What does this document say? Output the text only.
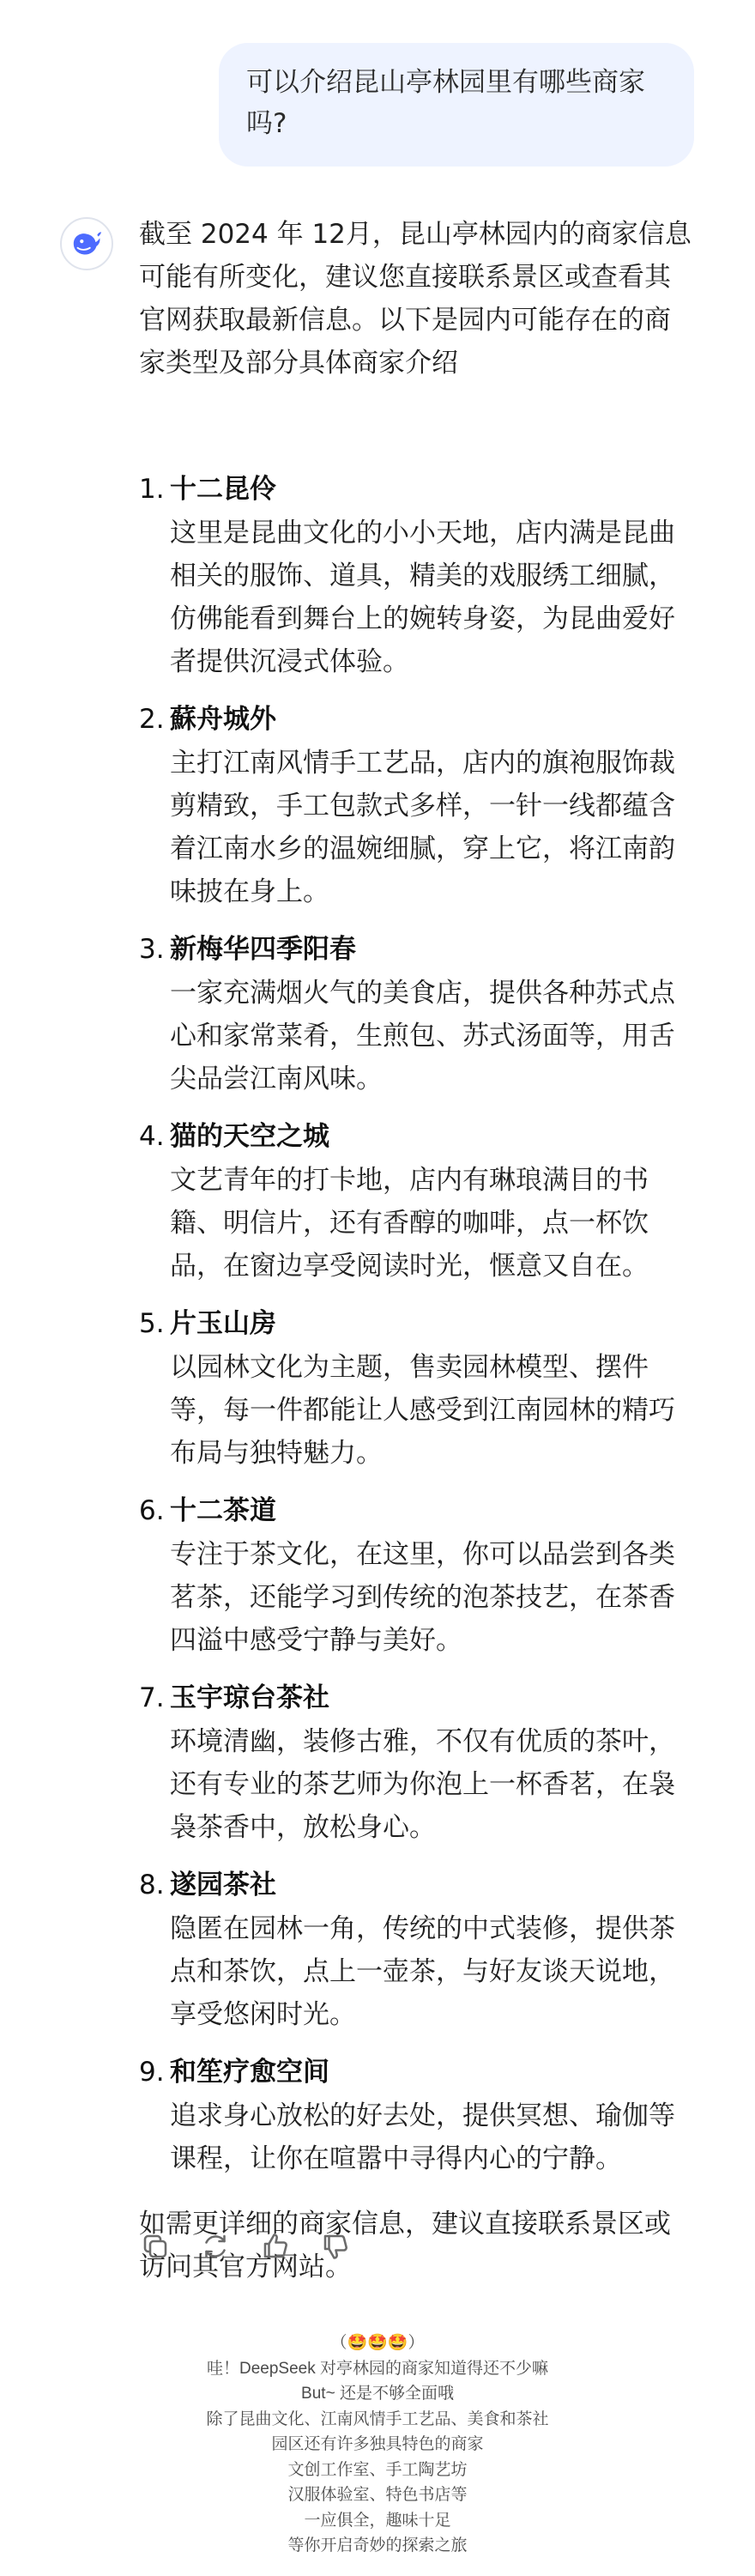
可以介绍昆山亭林园里有哪些商家吗?

截至 2024 年 12月，昆山亭林园内的商家信息可能有所变化，建议您直接联系景区或查看其官网获取最新信息。以下是园内可能存在的商家类型及部分具体商家介绍

1. 十二昆伶

这里是昆曲文化的小小天地，店内满是昆曲相关的服饰、道具，精美的戏服绣工细腻，仿佛能看到舞台上的婉转身姿，为昆曲爱好者提供沉浸式体验。

2. 蘇舟城外

主打江南风情手工艺品，店内的旗袍服饰裁剪精致，手工包款式多样，一针一线都蕴含着江南水乡的温婉细腻，穿上它，将江南韵味披在身上。

3. 新梅华四季阳春

一家充满烟火气的美食店，提供各种苏式点心和家常菜肴，生煎包、苏式汤面等，用舌尖品尝江南风味。

4. 猫的天空之城

文艺青年的打卡地，店内有琳琅满目的书籍、明信片，还有香醇的咖啡，点一杯饮品，在窗边享受阅读时光，惬意又自在。

5. 片玉山房

以园林文化为主题，售卖园林模型、摆件等，每一件都能让人感受到江南园林的精巧布局与独特魅力。

6. 十二茶道

专注于茶文化，在这里，你可以品尝到各类茗茶，还能学习到传统的泡茶技艺，在茶香四溢中感受宁静与美好。

7. 玉宇琼台茶社

环境清幽，装修古雅，不仅有优质的茶叶，还有专业的茶艺师为你泡上一杯香茗，在袅袅茶香中，放松身心。

8. 遂园茶社

隐匿在园林一角，传统的中式装修，提供茶点和茶饮，点上一壶茶，与好友谈天说地，享受悠闲时光。

9. 和笙疗愈空间

追求身心放松的好去处，提供冥想、瑜伽等课程，让你在喧嚣中寻得内心的宁静。

如需更详细的商家信息，建议直接联系景区或访问其官方网站。

（🤩🤩🤩）
哇！DeepSeek 对亭林园的商家知道得还不少嘛
But~ 还是不够全面哦
除了昆曲文化、江南风情手工艺品、美食和茶社
园区还有许多独具特色的商家
文创工作室、手工陶艺坊
汉服体验室、特色书店等
一应俱全，趣味十足
等你开启奇妙的探索之旅
